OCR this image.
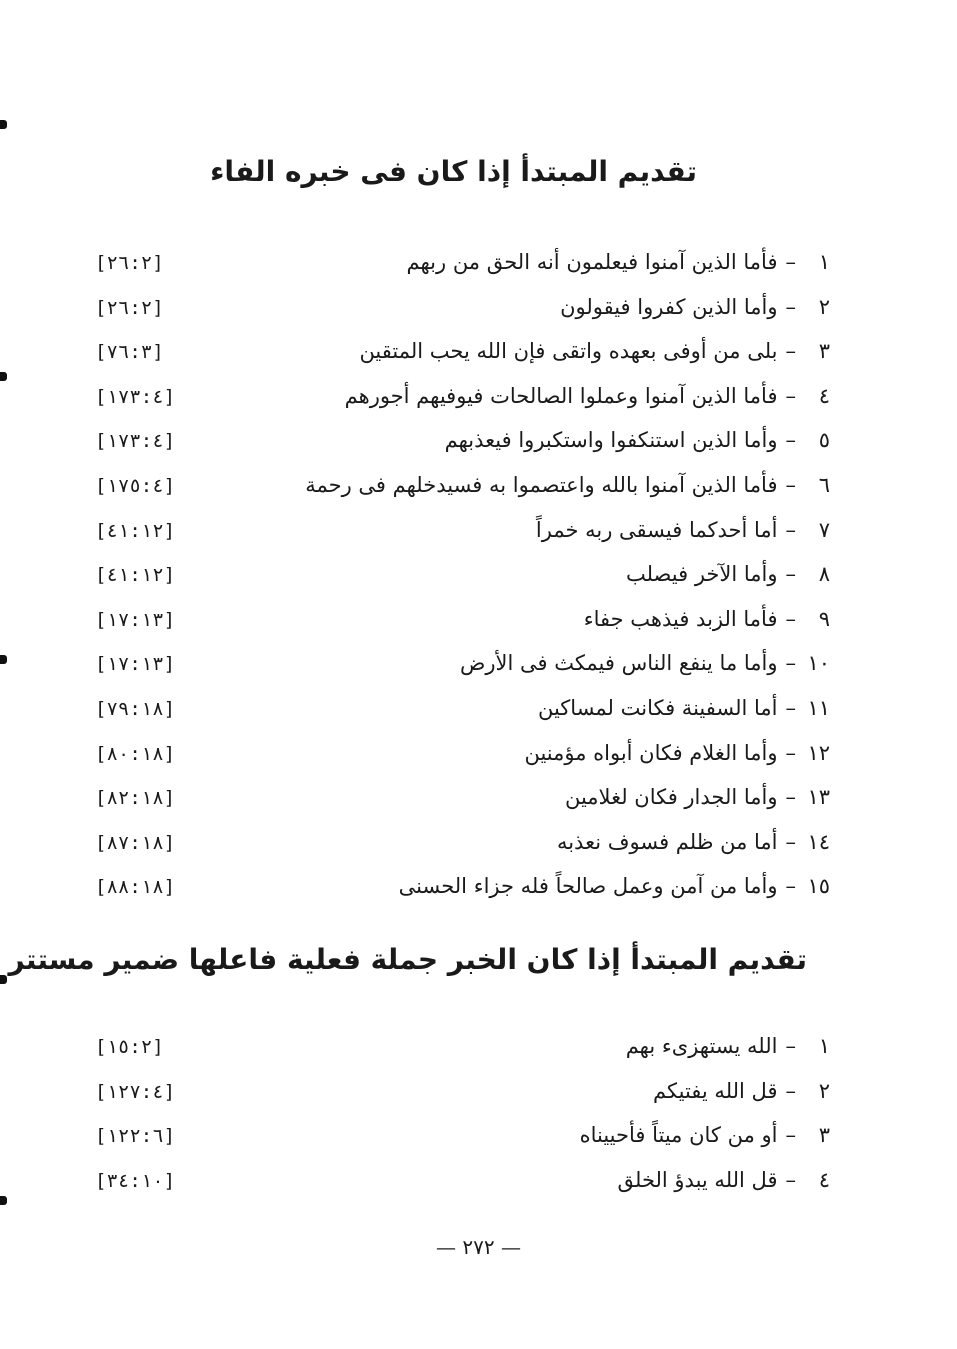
تقديم المبتدأ إذا كان فى خبره الفاء
١
–
فأما الذين آمنوا فيعلمون أنه الحق من ربهم
[٢٦:٢]
٢
–
وأما الذين كفروا فيقولون
[٢٦:٢]
٣
–
بلى من أوفى بعهده واتقى فإن الله يحب المتقين
[٧٦:٣]
٤
–
فأما الذين آمنوا وعملوا الصالحات فيوفيهم أجورهم
[١٧٣:٤]
٥
–
وأما الذين استنكفوا واستكبروا فيعذبهم
[١٧٣:٤]
٦
–
فأما الذين آمنوا بالله واعتصموا به فسيدخلهم فى رحمة
[١٧٥:٤]
٧
–
أما أحدكما فيسقى ربه خمراً
[٤١:١٢]
٨
–
وأما الآخر فيصلب
[٤١:١٢]
٩
–
فأما الزبد فيذهب جفاء
[١٧:١٣]
١٠
–
وأما ما ينفع الناس فيمكث فى الأرض
[١٧:١٣]
١١
–
أما السفينة فكانت لمساكين
[٧٩:١٨]
١٢
–
وأما الغلام فكان أبواه مؤمنين
[٨٠:١٨]
١٣
–
وأما الجدار فكان لغلامين
[٨٢:١٨]
١٤
–
أما من ظلم فسوف نعذبه
[٨٧:١٨]
١٥
–
وأما من آمن وعمل صالحاً فله جزاء الحسنى
[٨٨:١٨]
تقديم المبتدأ إذا كان الخبر جملة فعلية فاعلها ضمير مستتر
١
–
الله يستهزىء بهم
[١٥:٢]
٢
–
قل الله يفتيكم
[١٢٧:٤]
٣
–
أو من كان ميتاً فأحييناه
[١٢٢:٦]
٤
–
قل الله يبدؤ الخلق
[٣٤:١٠]
— ٢٧٢ —
